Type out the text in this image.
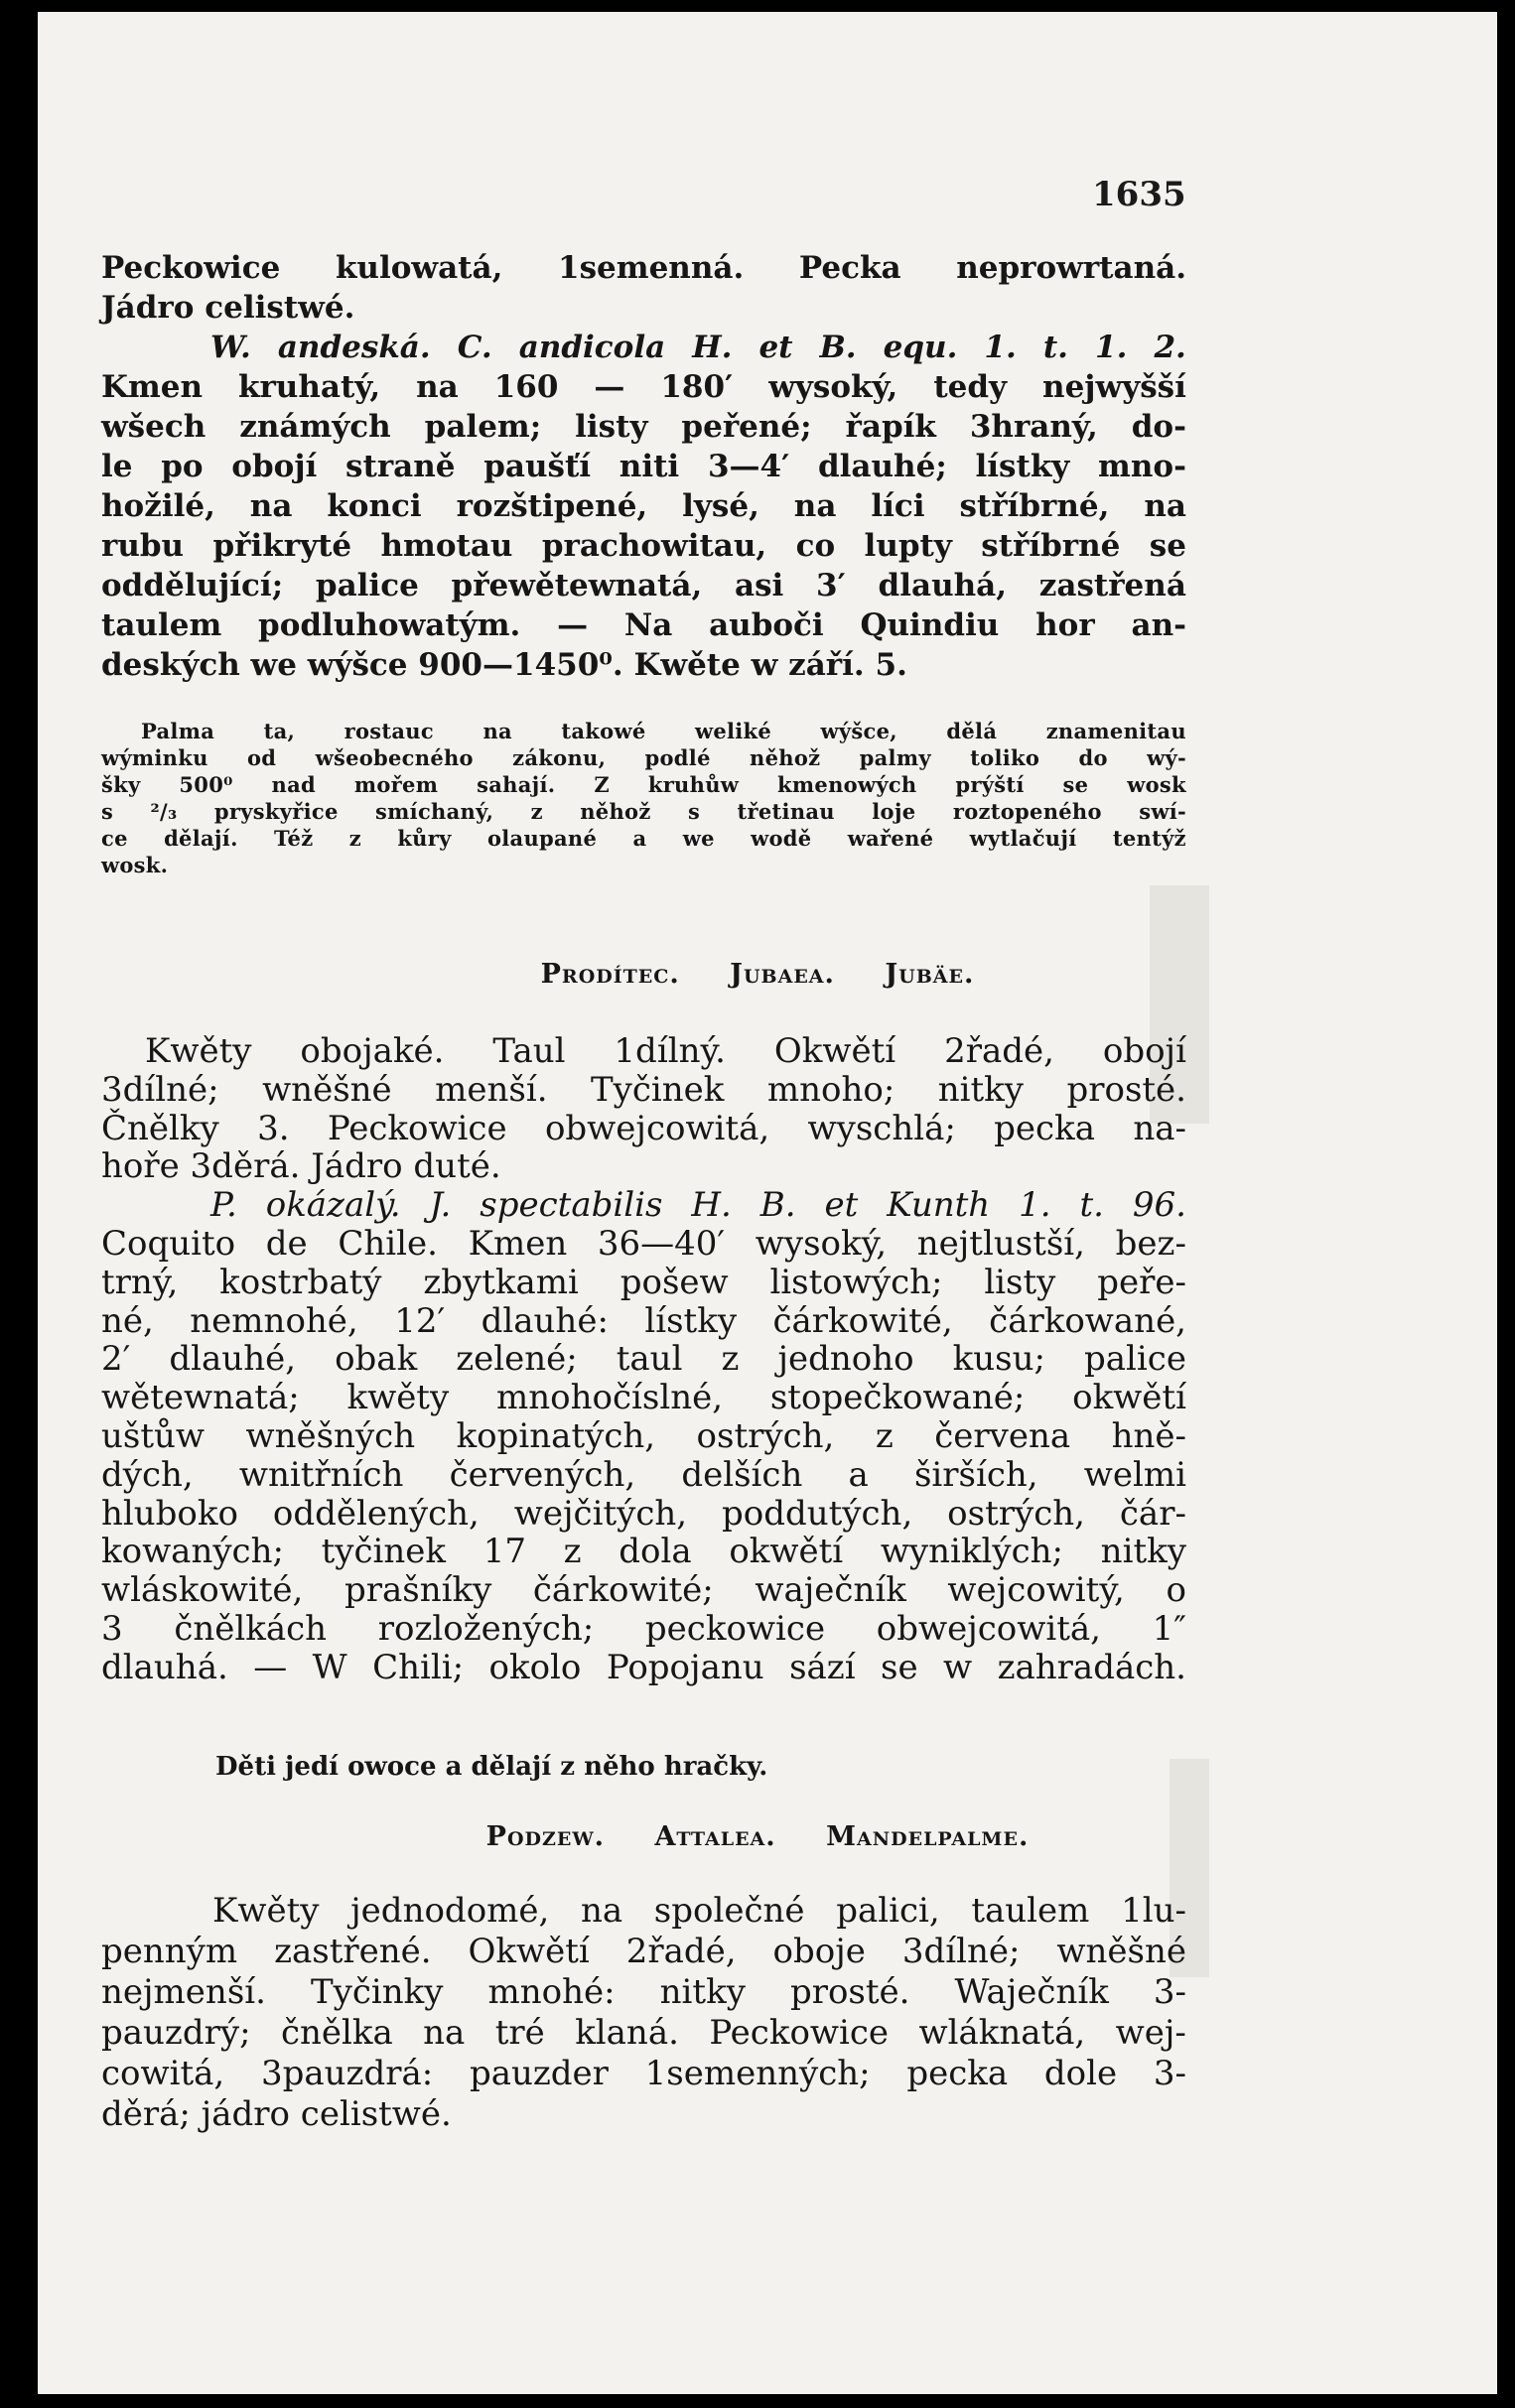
1635
Peckowice kulowatá, 1semenná. Pecka neprowrtaná.
Jádro celistwé.
W. andeská. C. andicola H. et B. equ. 1. t. 1. 2.
Kmen kruhatý, na 160 — 180′ wysoký, tedy nejwyšší
wšech známých palem; listy peřené; řapík 3hraný, do-
le po obojí straně paušťí niti 3—4′ dlauhé; lístky mno-
hožilé, na konci rozštipené, lysé, na líci stříbrné, na
rubu přikryté hmotau prachowitau, co lupty stříbrné se
oddělující; palice přewětewnatá, asi 3′ dlauhá, zastřená
taulem podluhowatým. — Na auboči Quindiu hor an-
deských we wýšce 900—1450⁰. Kwěte w září. 5.
Palma ta, rostauc na takowé weliké wýšce, dělá znamenitau
wýminku od wšeobecného zákonu, podlé něhož palmy toliko do wý-
šky 500⁰ nad mořem sahají. Z kruhůw kmenowých prýští se wosk
s ²/₃ pryskyřice smíchaný, z něhož s třetinau loje roztopeného swí-
ce dělají. Též z kůry olaupané a we wodě wařené wytlačují tentýž
wosk.
Prodítec. Jubaea. Jubäe.
Kwěty obojaké. Taul 1dílný. Okwětí 2řadé, obojí
3dílné; wněšné menší. Tyčinek mnoho; nitky prosté.
Čnělky 3. Peckowice obwejcowitá, wyschlá; pecka na-
hoře 3děrá. Jádro duté.
P. okázalý. J. spectabilis H. B. et Kunth 1. t. 96.
Coquito de Chile. Kmen 36—40′ wysoký, nejtlustší, bez-
trný, kostrbatý zbytkami pošew listowých; listy peře-
né, nemnohé, 12′ dlauhé: lístky čárkowité, čárkowané,
2′ dlauhé, obak zelené; taul z jednoho kusu; palice
wětewnatá; kwěty mnohočíslné, stopečkowané; okwětí
uštůw wněšných kopinatých, ostrých, z červena hně-
dých, wnitřních červených, delších a širších, welmi
hluboko oddělených, wejčitých, poddutých, ostrých, čár-
kowaných; tyčinek 17 z dola okwětí wyniklých; nitky
wláskowité, prašníky čárkowité; waječník wejcowitý, o
3 čnělkách rozložených; peckowice obwejcowitá, 1″
dlauhá. — W Chili; okolo Popojanu sází se w zahradách.
Děti jedí owoce a dělají z něho hračky.
Podzew. Attalea. Mandelpalme.
Kwěty jednodomé, na společné palici, taulem 1lu-
penným zastřené. Okwětí 2řadé, oboje 3dílné; wněšné
nejmenší. Tyčinky mnohé: nitky prosté. Waječník 3-
pauzdrý; čnělka na tré klaná. Peckowice wláknatá, wej-
cowitá, 3pauzdrá: pauzder 1semenných; pecka dole 3-
děrá; jádro celistwé.
